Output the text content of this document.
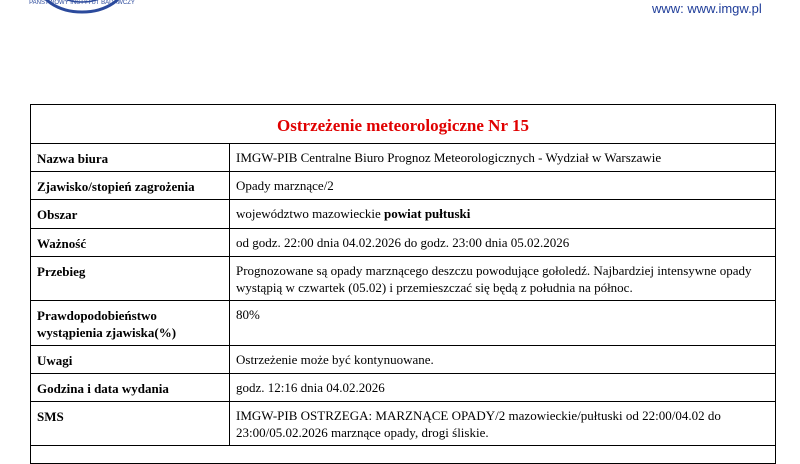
PAŃSTWOWY INSTYTUT BADAWCZY	www: www.imgw.pl
Ostrzeżenie meteorologiczne Nr 15
Nazwa biura	IMGW-PIB Centralne Biuro Prognoz Meteorologicznych - Wydział w Warszawie
Zjawisko/stopień zagrożenia	Opady marznące/2
Obszar	województwo mazowieckie powiat pułtuski
Ważność	od godz. 22:00 dnia 04.02.2026 do godz. 23:00 dnia 05.02.2026
Przebieg	Prognozowane są opady marznącego deszczu powodujące gołoledź. Najbardziej intensywne opady wystąpią w czwartek (05.02) i przemieszczać się będą z południa na północ.
Prawdopodobieństwo wystąpienia zjawiska(%)	80%
Uwagi	Ostrzeżenie może być kontynuowane.
Godzina i data wydania	godz. 12:16 dnia 04.02.2026
SMS	IMGW-PIB OSTRZEGA: MARZNĄCE OPADY/2 mazowieckie/pułtuski od 22:00/04.02 do 23:00/05.02.2026 marznące opady, drogi śliskie.
